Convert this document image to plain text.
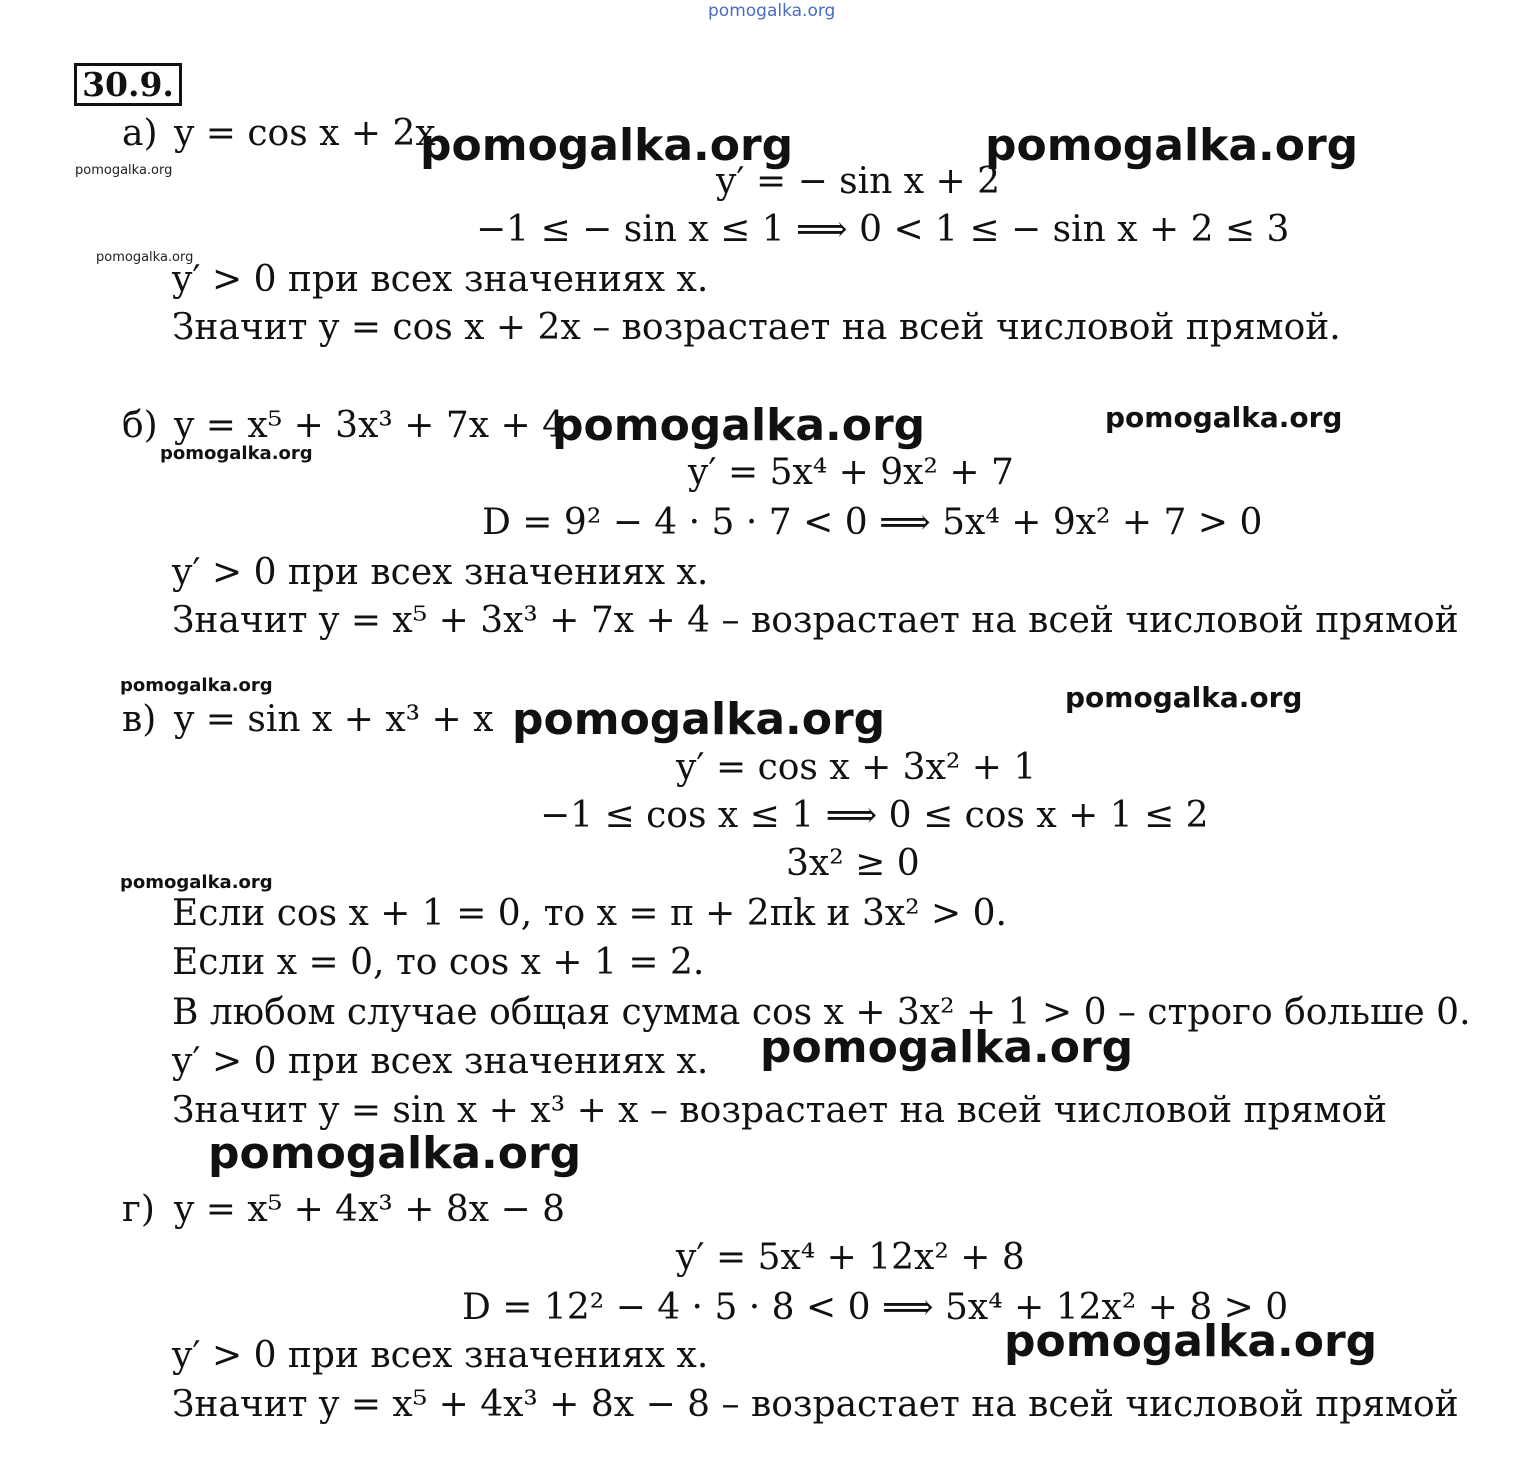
pomogalka.org
30.9.
а) y = cos x + 2x
pomogalka.org	pomogalka.org
pomogalka.org	y′ = − sin x + 2
−1 ≤ − sin x ≤ 1 ⟹ 0 < 1 ≤ − sin x + 2 ≤ 3
pomogalka.org
y′ > 0 при всех значениях x.
Значит y = cos x + 2x – возрастает на всей числовой прямой.
б) y = x⁵ + 3x³ + 7x + 4
pomogalka.org	pomogalka.org
pomogalka.org	y′ = 5x⁴ + 9x² + 7
D = 9² − 4 · 5 · 7 < 0 ⟹ 5x⁴ + 9x² + 7 > 0
y′ > 0 при всех значениях x.
Значит y = x⁵ + 3x³ + 7x + 4 – возрастает на всей числовой прямой
pomogalka.org	pomogalka.org
в) y = sin x + x³ + x pomogalka.org
y′ = cos x + 3x² + 1
−1 ≤ cos x ≤ 1 ⟹ 0 ≤ cos x + 1 ≤ 2
3x² ≥ 0
pomogalka.org
Если cos x + 1 = 0, то x = π + 2πk и 3x² > 0.
Если x = 0, то cos x + 1 = 2.
В любом случае общая сумма cos x + 3x² + 1 > 0 – строго больше 0.
pomogalka.org
y′ > 0 при всех значениях x.
Значит y = sin x + x³ + x – возрастает на всей числовой прямой
pomogalka.org
г) y = x⁵ + 4x³ + 8x − 8
y′ = 5x⁴ + 12x² + 8
D = 12² − 4 · 5 · 8 < 0 ⟹ 5x⁴ + 12x² + 8 > 0
pomogalka.org
y′ > 0 при всех значениях x.
Значит y = x⁵ + 4x³ + 8x − 8 – возрастает на всей числовой прямой
